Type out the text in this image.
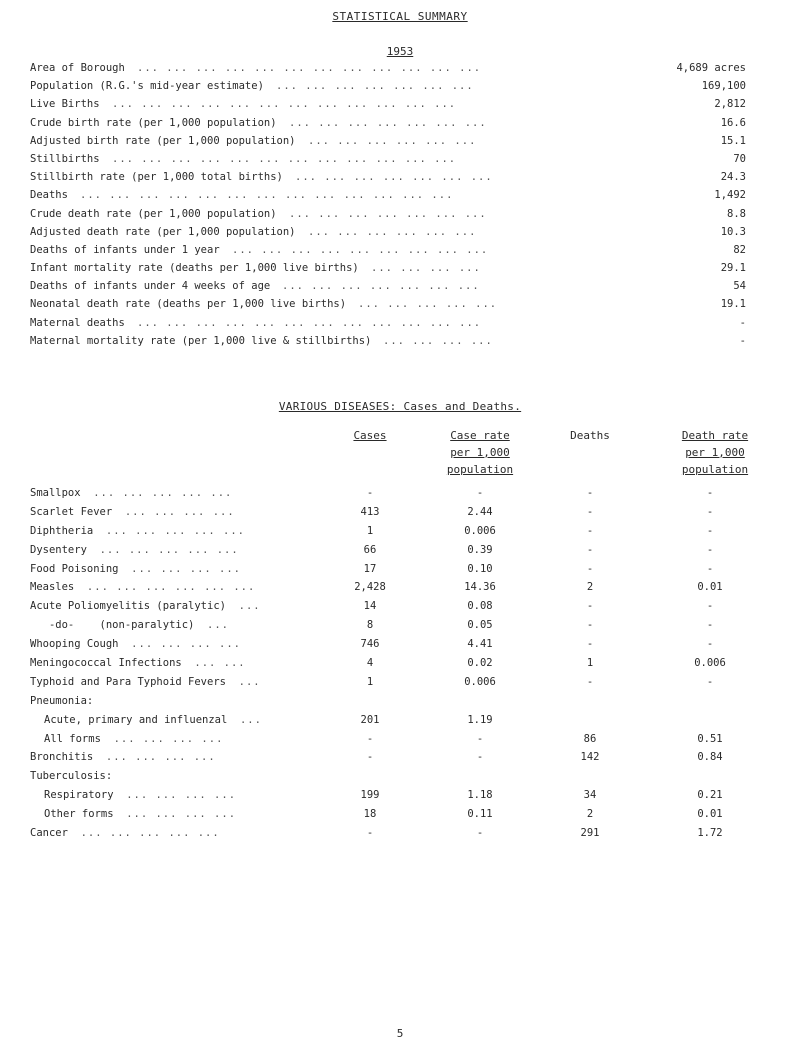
STATISTICAL SUMMARY
1953
... ... ... ... ... ... ... ... ... ... ... ...
Area of Borough	4,689 acres
... ... ... ... ... ... ...
Population (R.G.'s mid-year estimate)	169,100
... ... ... ... ... ... ... ... ... ... ... ...
Live Births	2,812
... ... ... ... ... ... ...
Crude birth rate (per 1,000 population)	16.6
... ... ... ... ... ...
Adjusted birth rate (per 1,000 population)	15.1
... ... ... ... ... ... ... ... ... ... ... ...
Stillbirths	70
... ... ... ... ... ... ...
Stillbirth rate (per 1,000 total births)	24.3
... ... ... ... ... ... ... ... ... ... ... ... ...
Deaths	1,492
... ... ... ... ... ... ...
Crude death rate (per 1,000 population)	8.8
... ... ... ... ... ...
Adjusted death rate (per 1,000 population)	10.3
... ... ... ... ... ... ... ... ...
Deaths of infants under 1 year	82
... ... ... ...
Infant mortality rate (deaths per 1,000 live births)	29.1
... ... ... ... ... ... ...
Deaths of infants under 4 weeks of age	54
... ... ... ... ...
Neonatal death rate (deaths per 1,000 live births)	19.1
... ... ... ... ... ... ... ... ... ... ... ...
Maternal deaths	-
... ... ... ...
Maternal mortality rate (per 1,000 live & stillbirths)	-
VARIOUS DISEASES: Cases and Deaths.
Cases	Case rate
per 1,000
population
Deaths	Death rate
per 1,000
population
Smallpox ... ... ... ... ...	-	-	-	-
Scarlet Fever ... ... ... ...	413	2.44	-	-
Diphtheria ... ... ... ... ...	1	0.006	-	-
Dysentery ... ... ... ... ...	66	0.39	-	-
Food Poisoning ... ... ... ...	17	0.10	-	-
Measles ... ... ... ... ... ...	2,428	14.36	2	0.01
Acute Poliomyelitis (paralytic) ...	14	0.08	-	-
-do-    (non-paralytic) ...	8	0.05	-	-
Whooping Cough ... ... ... ...	746	4.41	-	-
Meningococcal Infections ... ...	4	0.02	1	0.006
Typhoid and Para Typhoid Fevers ...	1	0.006	-	-
Pneumonia:
Acute, primary and influenzal ...	201	1.19
All forms ... ... ... ...	-	-	86	0.51
Bronchitis ... ... ... ...	-	-	142	0.84
Tuberculosis:
Respiratory ... ... ... ...	199	1.18	34	0.21
Other forms ... ... ... ...	18	0.11	2	0.01
Cancer ... ... ... ... ...	-	-	291	1.72
5
